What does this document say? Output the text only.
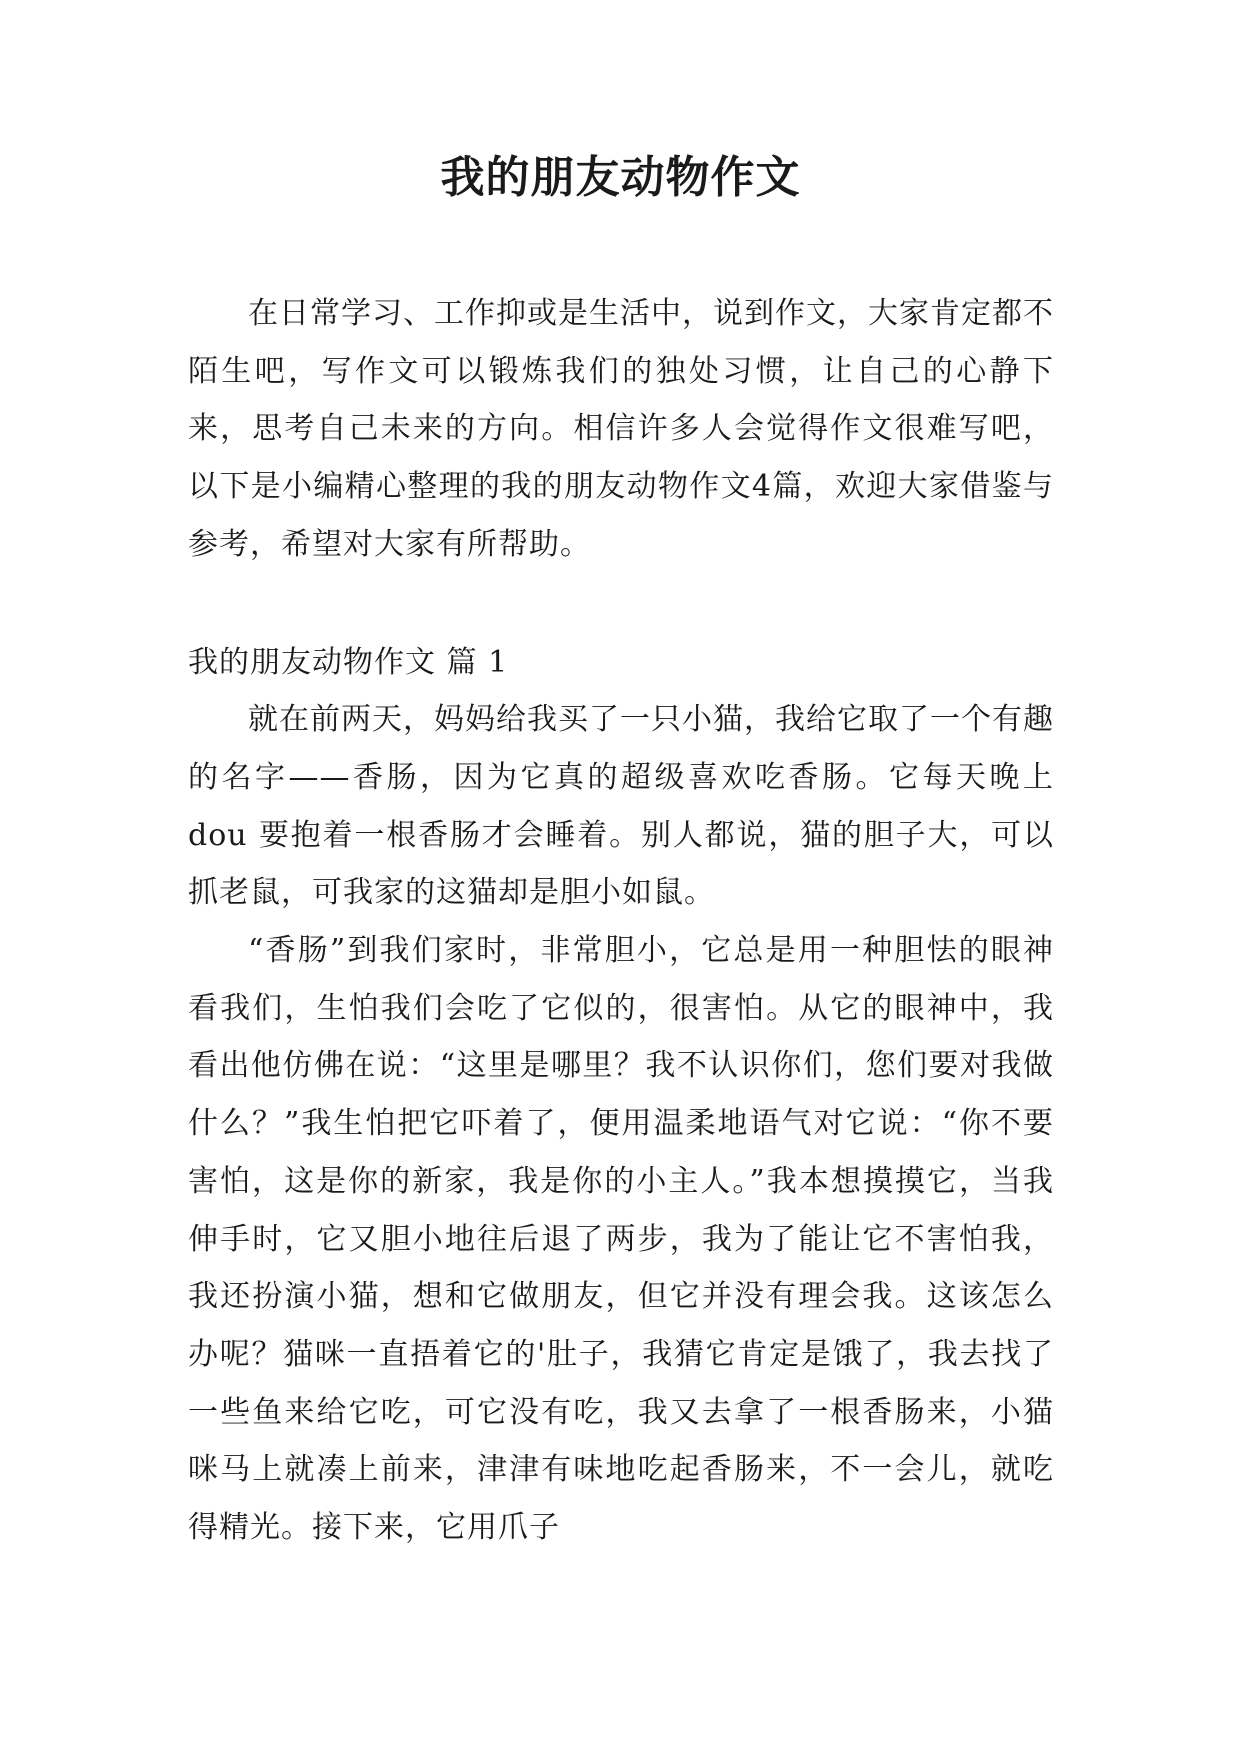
我的朋友动物作文

在日常学习、工作抑或是生活中，说到作文，大家肯定都不陌生吧，写作文可以锻炼我们的独处习惯，让自己的心静下来，思考自己未来的方向。相信许多人会觉得作文很难写吧，以下是小编精心整理的我的朋友动物作文4篇，欢迎大家借鉴与参考，希望对大家有所帮助。

我的朋友动物作文 篇 1

就在前两天，妈妈给我买了一只小猫，我给它取了一个有趣的名字——香肠，因为它真的超级喜欢吃香肠。它每天晚上 dou 要抱着一根香肠才会睡着。别人都说，猫的胆子大，可以抓老鼠，可我家的这猫却是胆小如鼠。

“香肠”到我们家时，非常胆小，它总是用一种胆怯的眼神看我们，生怕我们会吃了它似的，很害怕。从它的眼神中，我看出他仿佛在说：“这里是哪里？我不认识你们，您们要对我做什么？”我生怕把它吓着了，便用温柔地语气对它说：“你不要害怕，这是你的新家，我是你的小主人。”我本想摸摸它，当我伸手时，它又胆小地往后退了两步，我为了能让它不害怕我，我还扮演小猫，想和它做朋友，但它并没有理会我。这该怎么办呢？猫咪一直捂着它的'肚子，我猜它肯定是饿了，我去找了一些鱼来给它吃，可它没有吃，我又去拿了一根香肠来，小猫咪马上就凑上前来，津津有味地吃起香肠来，不一会儿，就吃得精光。接下来，它用爪子
